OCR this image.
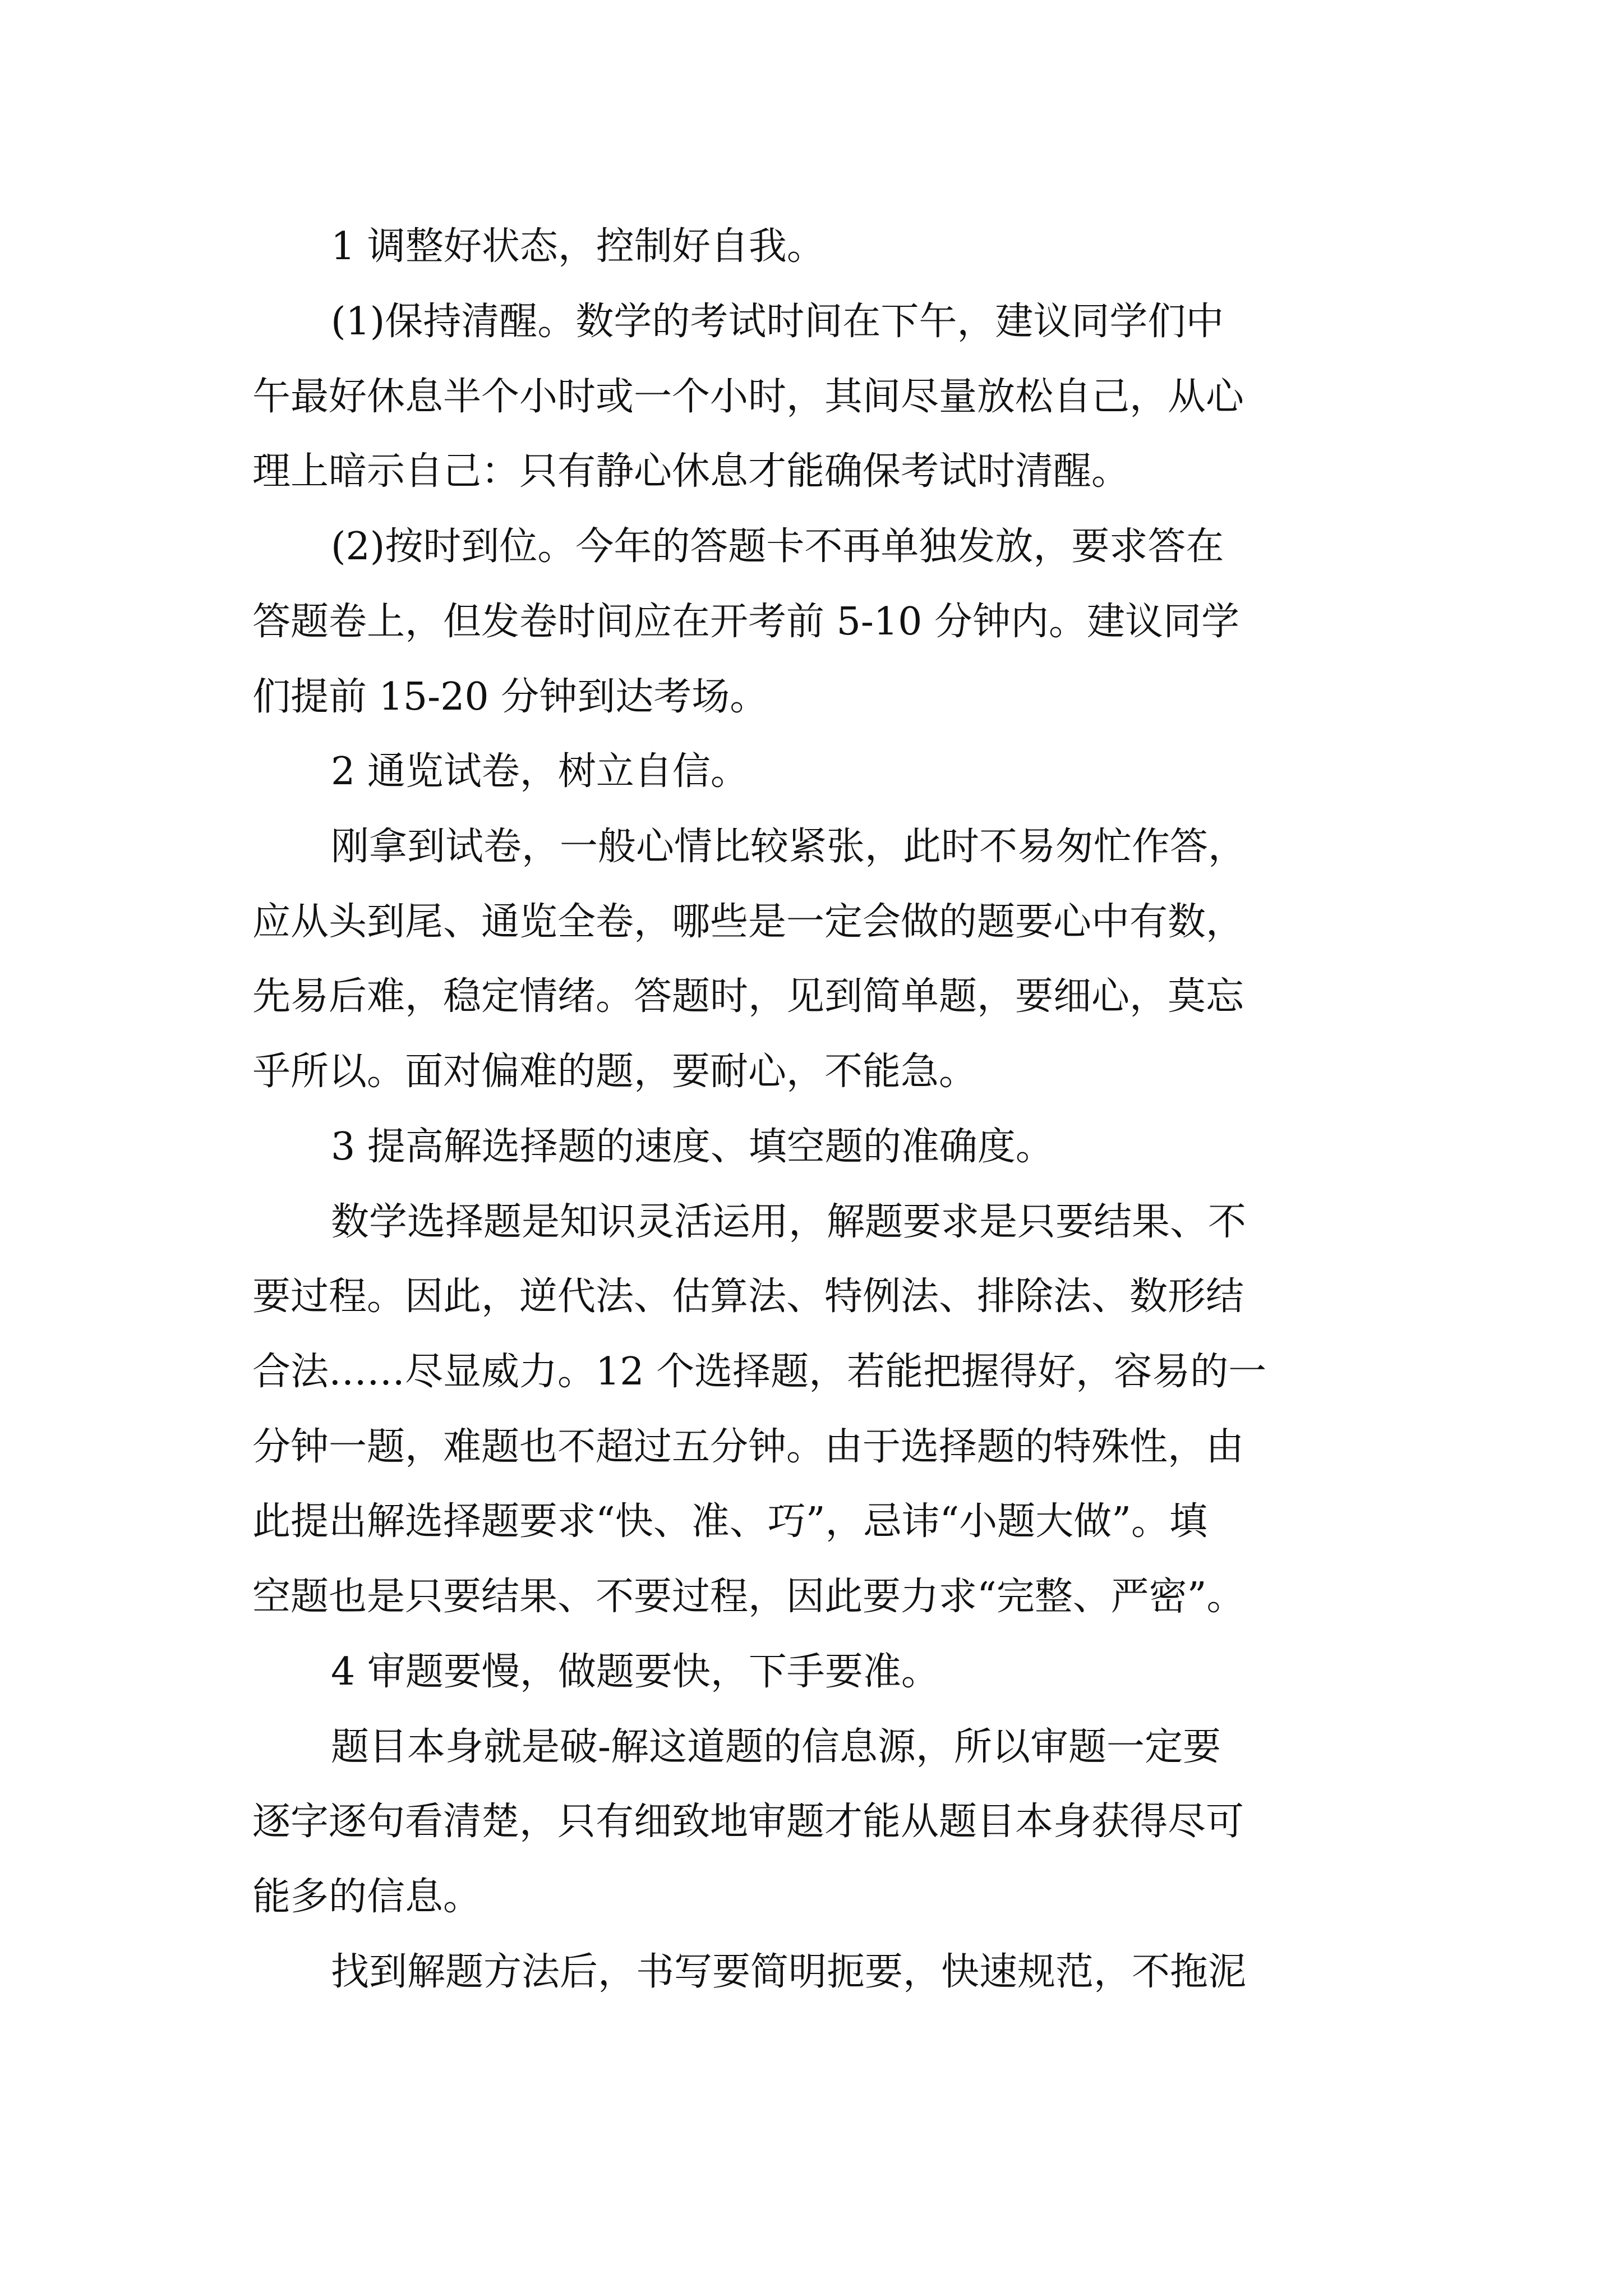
1 调整好状态，控制好自我。
(1)保持清醒。数学的考试时间在下午，建议同学们中
午最好休息半个小时或一个小时，其间尽量放松自己，从心
理上暗示自己：只有静心休息才能确保考试时清醒。
(2)按时到位。今年的答题卡不再单独发放，要求答在
答题卷上，但发卷时间应在开考前 5-10 分钟内。建议同学
们提前 15-20 分钟到达考场。
2 通览试卷，树立自信。
刚拿到试卷，一般心情比较紧张，此时不易匆忙作答，
应从头到尾、通览全卷，哪些是一定会做的题要心中有数，
先易后难，稳定情绪。答题时，见到简单题，要细心，莫忘
乎所以。面对偏难的题，要耐心，不能急。
3 提高解选择题的速度、填空题的准确度。
数学选择题是知识灵活运用，解题要求是只要结果、不
要过程。因此，逆代法、估算法、特例法、排除法、数形结
合法……尽显威力。12 个选择题，若能把握得好，容易的一
分钟一题，难题也不超过五分钟。由于选择题的特殊性，由
此提出解选择题要求“快、准、巧”，忌讳“小题大做”。填
空题也是只要结果、不要过程，因此要力求“完整、严密”。
4 审题要慢，做题要快，下手要准。
题目本身就是破-解这道题的信息源，所以审题一定要
逐字逐句看清楚，只有细致地审题才能从题目本身获得尽可
能多的信息。
找到解题方法后，书写要简明扼要，快速规范，不拖泥
